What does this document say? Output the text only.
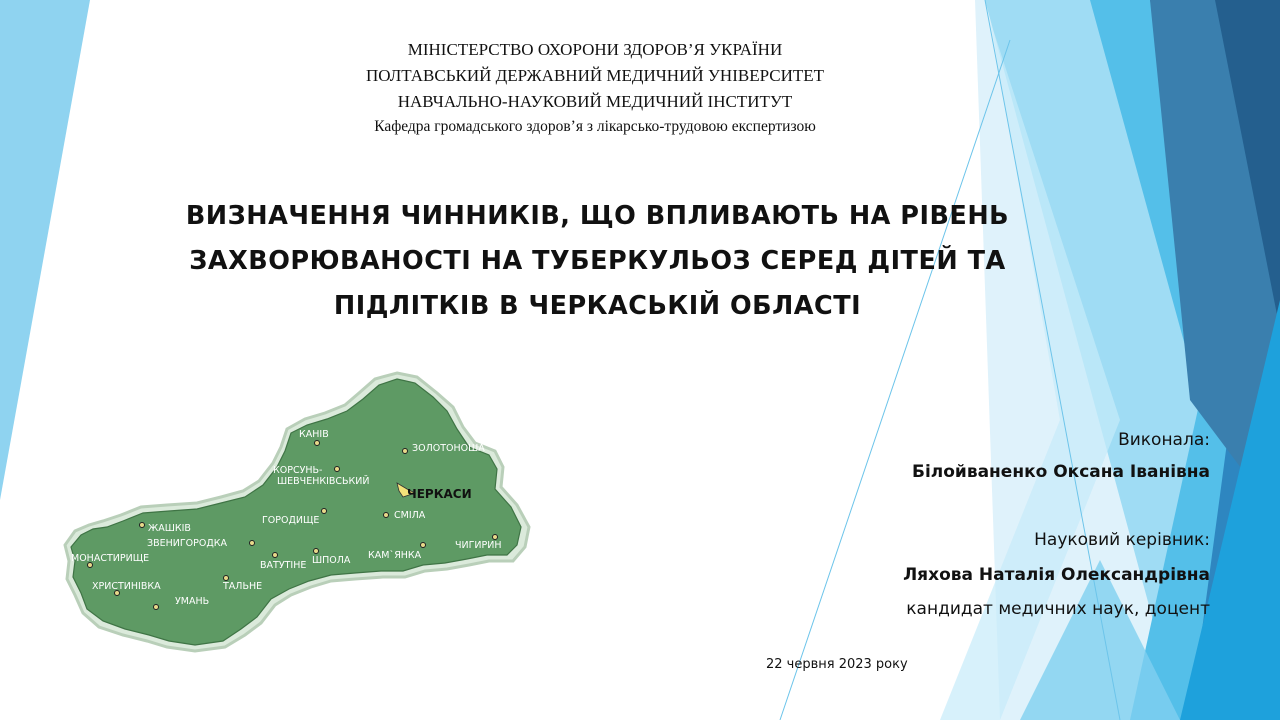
МІНІСТЕРСТВО ОХОРОНИ ЗДОРОВ’Я УКРАЇНИ
ПОЛТАВСЬКИЙ ДЕРЖАВНИЙ МЕДИЧНИЙ УНІВЕРСИТЕТ
НАВЧАЛЬНО-НАУКОВИЙ МЕДИЧНИЙ ІНСТИТУТ
Кафедра громадського здоров’я з лікарсько-трудовою експертизою
ВИЗНАЧЕННЯ ЧИННИКІВ, ЩО ВПЛИВАЮТЬ НА РІВЕНЬ
ЗАХВОРЮВАНОСТІ НА ТУБЕРКУЛЬОЗ СЕРЕД ДІТЕЙ ТА
ПІДЛІТКІВ В ЧЕРКАСЬКІЙ ОБЛАСТІ
КАНІВ
ЗОЛОТОНОША
КОРСУНЬ-
ШЕВЧЕНКІВСЬКИЙ
ЧЕРКАСИ
СМІЛА
ГОРОДИЩЕ
ЖАШКІВ
ЗВЕНИГОРОДКА
ВАТУТІНЕ ШПОЛА КАМ`ЯНКА
ЧИГИРИН
МОНАСТИРИЩЕ
ХРИСТИНІВКА	ТАЛЬНЕ
УМАНЬ
Виконала:
Білойваненко Оксана Іванівна
Науковий керівник:
Ляхова Наталія Олександрівна
кандидат медичних наук, доцент
22 червня 2023 року
